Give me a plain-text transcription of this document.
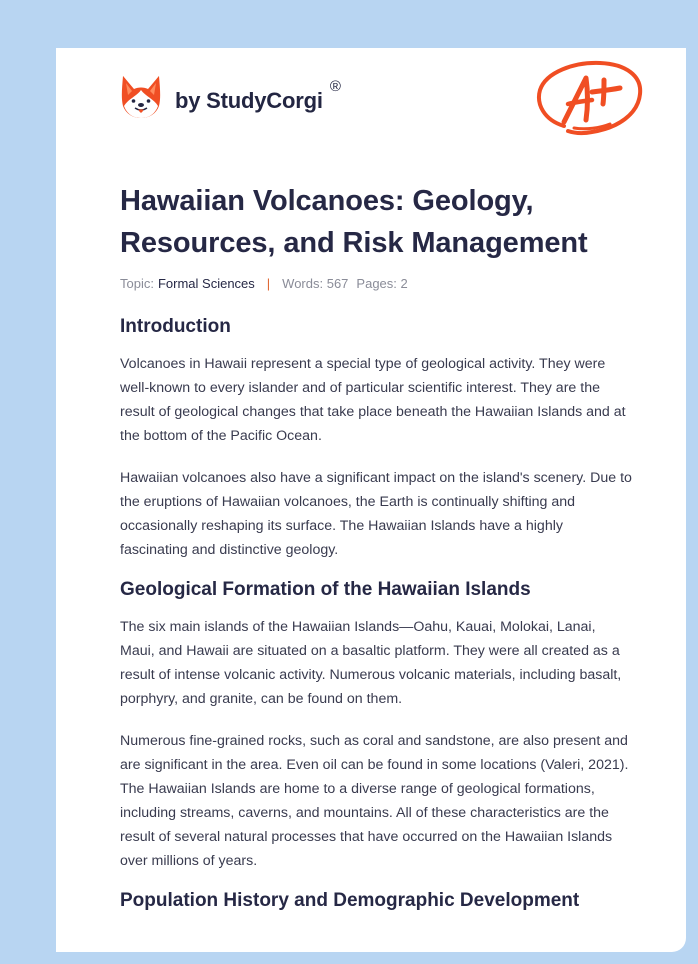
by StudyCorgi
®
Hawaiian Volcanoes: Geology, Resources, and Risk Management
Topic: Formal Sciences | Words: 567 Pages: 2
Introduction

Volcanoes in Hawaii represent a special type of geological activity. They were well-known to every islander and of particular scientific interest. They are the result of geological changes that take place beneath the Hawaiian Islands and at the bottom of the Pacific Ocean.

Hawaiian volcanoes also have a significant impact on the island's scenery. Due to the eruptions of Hawaiian volcanoes, the Earth is continually shifting and occasionally reshaping its surface. The Hawaiian Islands have a highly fascinating and distinctive geology.

Geological Formation of the Hawaiian Islands

The six main islands of the Hawaiian Islands—Oahu, Kauai, Molokai, Lanai, Maui, and Hawaii are situated on a basaltic platform. They were all created as a result of intense volcanic activity. Numerous volcanic materials, including basalt, porphyry, and granite, can be found on them.

Numerous fine-grained rocks, such as coral and sandstone, are also present and are significant in the area. Even oil can be found in some locations (Valeri, 2021). The Hawaiian Islands are home to a diverse range of geological formations, including streams, caverns, and mountains. All of these characteristics are the result of several natural processes that have occurred on the Hawaiian Islands over millions of years.

Population History and Demographic Development
